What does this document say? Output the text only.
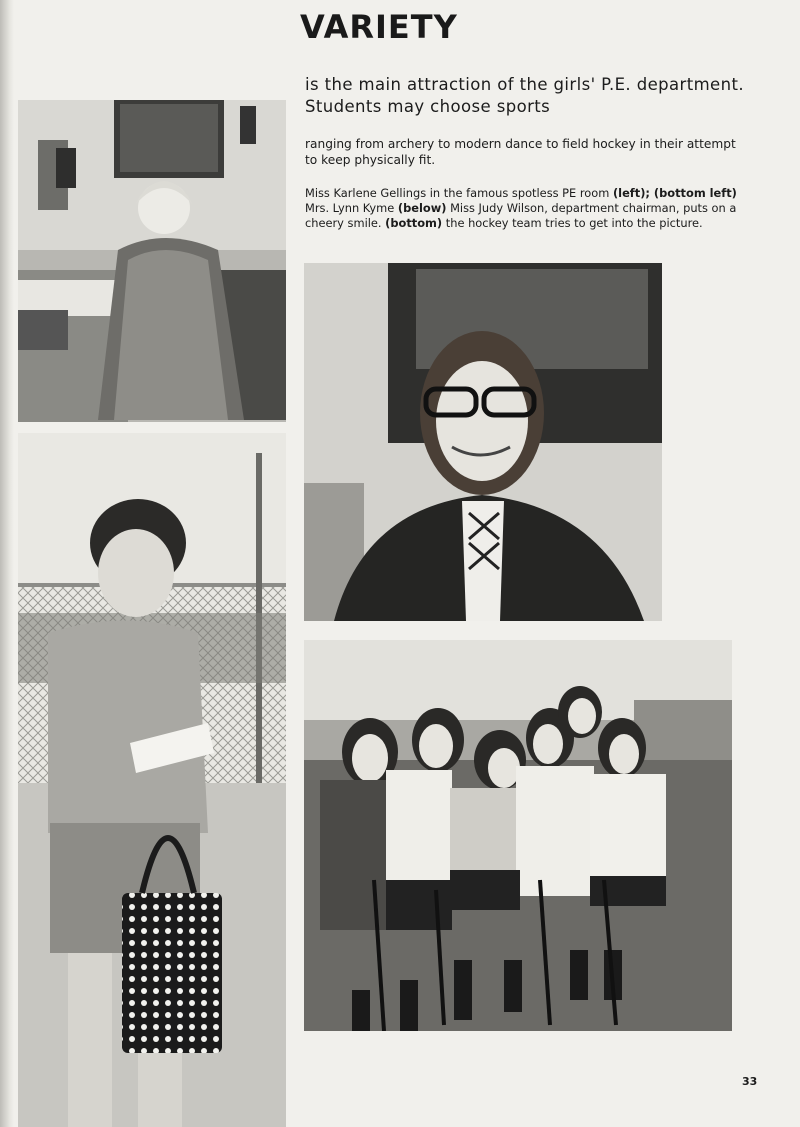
VARIETY

is the main attraction of the girls' P.E. department. Students may choose sports

ranging from archery to modern dance to field hockey in their attempt to keep physically fit.

Miss Karlene Gellings in the famous spotless PE room (left); (bottom left) Mrs. Lynn Kyme (below) Miss Judy Wilson, department chairman, puts on a cheery smile. (bottom) the hockey team tries to get into the picture.

33
